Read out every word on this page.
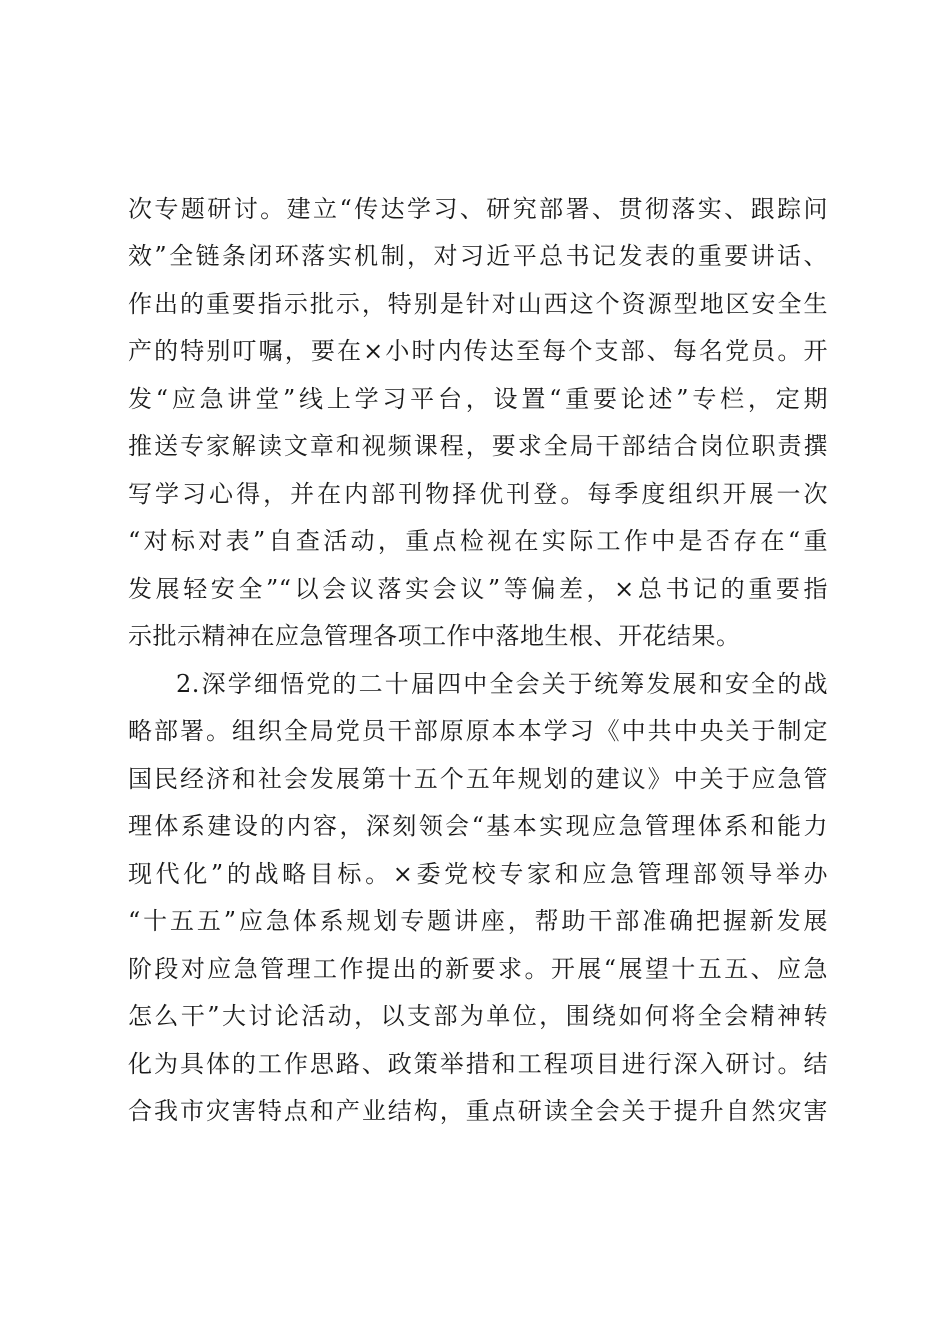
次专题研讨。建立“传达学习、研究部署、贯彻落实、跟踪问
效”全链条闭环落实机制，对习近平总书记发表的重要讲话、
作出的重要指示批示，特别是针对山西这个资源型地区安全生
产的特别叮嘱，要在×小时内传达至每个支部、每名党员。开
发“应急讲堂”线上学习平台，设置“重要论述”专栏，定期
推送专家解读文章和视频课程，要求全局干部结合岗位职责撰
写学习心得，并在内部刊物择优刊登。每季度组织开展一次
“对标对表”自查活动，重点检视在实际工作中是否存在“重
发展轻安全”“以会议落实会议”等偏差，×总书记的重要指
示批示精神在应急管理各项工作中落地生根、开花结果。
2.深学细悟党的二十届四中全会关于统筹发展和安全的战
略部署。组织全局党员干部原原本本学习《中共中央关于制定
国民经济和社会发展第十五个五年规划的建议》中关于应急管
理体系建设的内容，深刻领会“基本实现应急管理体系和能力
现代化”的战略目标。×委党校专家和应急管理部领导举办
“十五五”应急体系规划专题讲座，帮助干部准确把握新发展
阶段对应急管理工作提出的新要求。开展“展望十五五、应急
怎么干”大讨论活动，以支部为单位，围绕如何将全会精神转
化为具体的工作思路、政策举措和工程项目进行深入研讨。结
合我市灾害特点和产业结构，重点研读全会关于提升自然灾害
